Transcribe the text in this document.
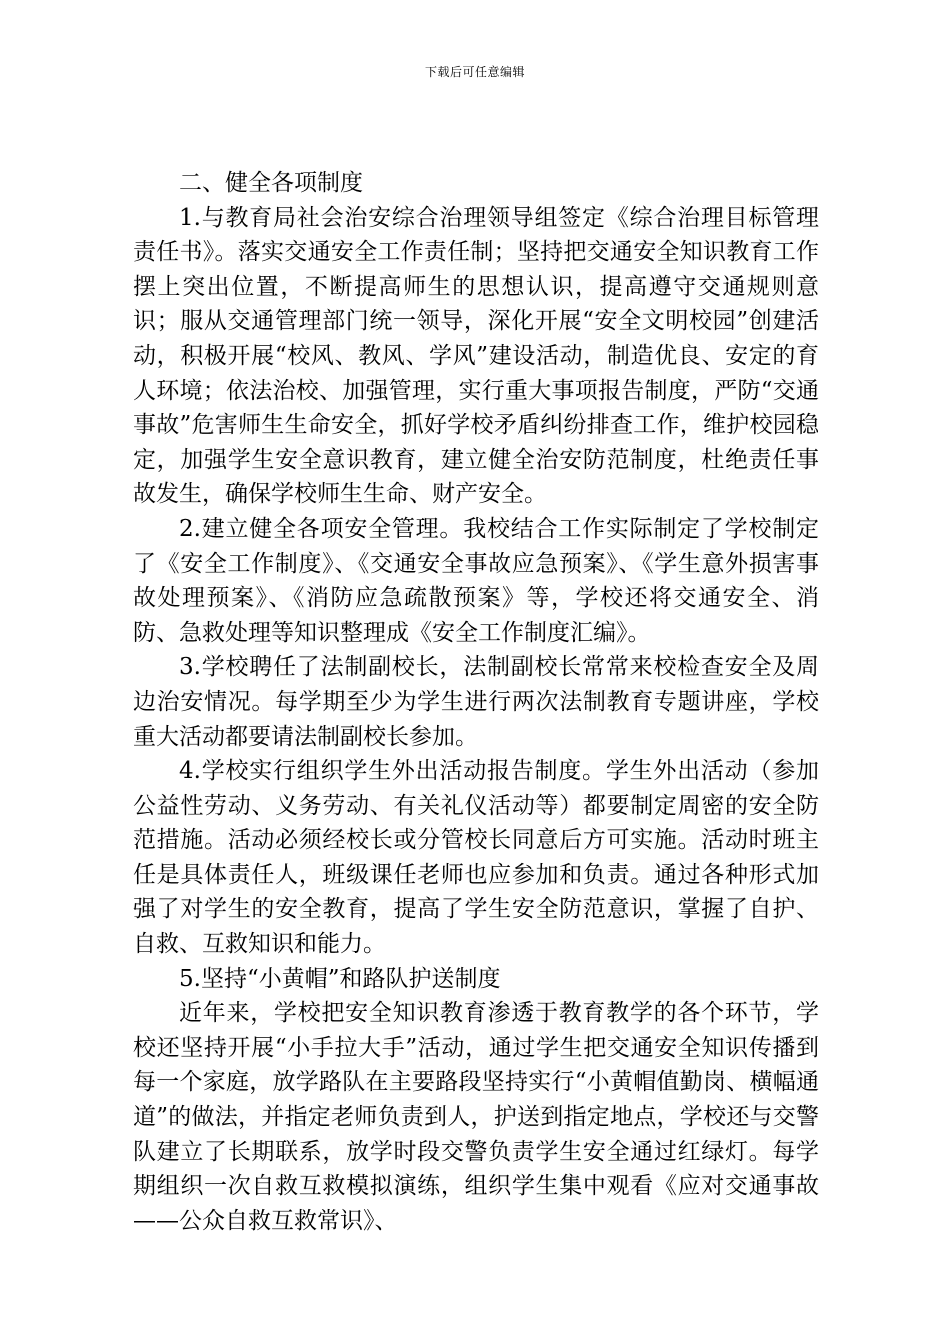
下载后可任意编辑

二、健全各项制度

1.与教育局社会治安综合治理领导组签定《综合治理目标管理责任书》。落实交通安全工作责任制；坚持把交通安全知识教育工作摆上突出位置，不断提高师生的思想认识，提高遵守交通规则意识；服从交通管理部门统一领导，深化开展“安全文明校园”创建活动，积极开展“校风、教风、学风”建设活动，制造优良、安定的育人环境；依法治校、加强管理，实行重大事项报告制度，严防“交通事故”危害师生生命安全，抓好学校矛盾纠纷排查工作，维护校园稳定，加强学生安全意识教育，建立健全治安防范制度，杜绝责任事故发生，确保学校师生生命、财产安全。

2.建立健全各项安全管理。我校结合工作实际制定了学校制定了《安全工作制度》、《交通安全事故应急预案》、《学生意外损害事故处理预案》、《消防应急疏散预案》等，学校还将交通安全、消防、急救处理等知识整理成《安全工作制度汇编》。

3.学校聘任了法制副校长，法制副校长常常来校检查安全及周边治安情况。每学期至少为学生进行两次法制教育专题讲座，学校重大活动都要请法制副校长参加。

4.学校实行组织学生外出活动报告制度。学生外出活动（参加公益性劳动、义务劳动、有关礼仪活动等）都要制定周密的安全防范措施。活动必须经校长或分管校长同意后方可实施。活动时班主任是具体责任人，班级课任老师也应参加和负责。通过各种形式加强了对学生的安全教育，提高了学生安全防范意识，掌握了自护、自救、互救知识和能力。

5.坚持“小黄帽”和路队护送制度

近年来，学校把安全知识教育渗透于教育教学的各个环节，学校还坚持开展“小手拉大手”活动，通过学生把交通安全知识传播到每一个家庭，放学路队在主要路段坚持实行“小黄帽值勤岗、横幅通道”的做法，并指定老师负责到人，护送到指定地点，学校还与交警队建立了长期联系，放学时段交警负责学生安全通过红绿灯。每学期组织一次自救互救模拟演练，组织学生集中观看《应对交通事故——公众自救互救常识》、
